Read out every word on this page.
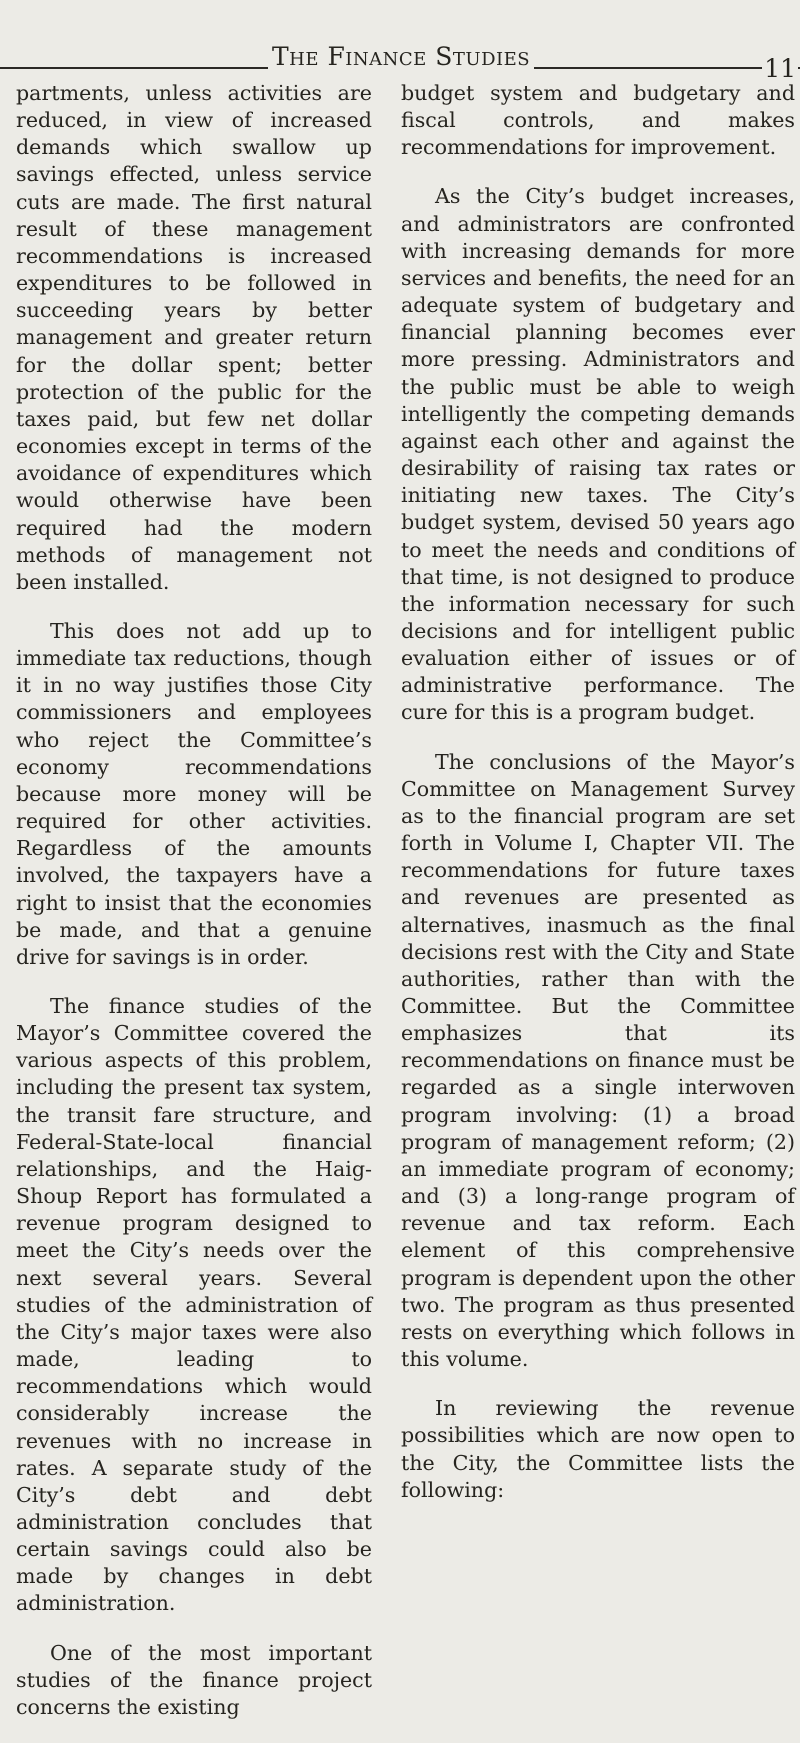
The Finance Studies	11

partments, unless activities are reduced, in view of increased demands which swallow up savings effected, unless service cuts are made. The first natural result of these management recommendations is increased expenditures to be followed in succeeding years by better management and greater return for the dollar spent; better protection of the public for the taxes paid, but few net dollar economies except in terms of the avoidance of expenditures which would otherwise have been required had the modern methods of management not been installed.

This does not add up to immediate tax reductions, though it in no way justifies those City commissioners and employees who reject the Committee’s economy recommendations because more money will be required for other activities. Regardless of the amounts involved, the taxpayers have a right to insist that the economies be made, and that a genuine drive for savings is in order.

The finance studies of the Mayor’s Committee covered the various aspects of this problem, including the present tax system, the transit fare structure, and Federal-State-local financial relationships, and the Haig-Shoup Report has formulated a revenue program designed to meet the City’s needs over the next several years. Several studies of the administration of the City’s major taxes were also made, leading to recommendations which would considerably increase the revenues with no increase in rates. A separate study of the City’s debt and debt administration concludes that certain savings could also be made by changes in debt administration.

One of the most important studies of the finance project concerns the existing

budget system and budgetary and fiscal controls, and makes recommendations for improvement.

As the City’s budget increases, and administrators are confronted with increasing demands for more services and benefits, the need for an adequate system of budgetary and financial planning becomes ever more pressing. Administrators and the public must be able to weigh intelligently the competing demands against each other and against the desirability of raising tax rates or initiating new taxes. The City’s budget system, devised 50 years ago to meet the needs and conditions of that time, is not designed to produce the information necessary for such decisions and for intelligent public evaluation either of issues or of administrative performance. The cure for this is a program budget.

The conclusions of the Mayor’s Committee on Management Survey as to the financial program are set forth in Volume I, Chapter VII. The recommendations for future taxes and revenues are presented as alternatives, inasmuch as the final decisions rest with the City and State authorities, rather than with the Committee. But the Committee emphasizes that its recommendations on finance must be regarded as a single interwoven program involving: (1) a broad program of management reform; (2) an immediate program of economy; and (3) a long-range program of revenue and tax reform. Each element of this comprehensive program is dependent upon the other two. The program as thus presented rests on everything which follows in this volume.

In reviewing the revenue possibilities which are now open to the City, the Committee lists the following:
